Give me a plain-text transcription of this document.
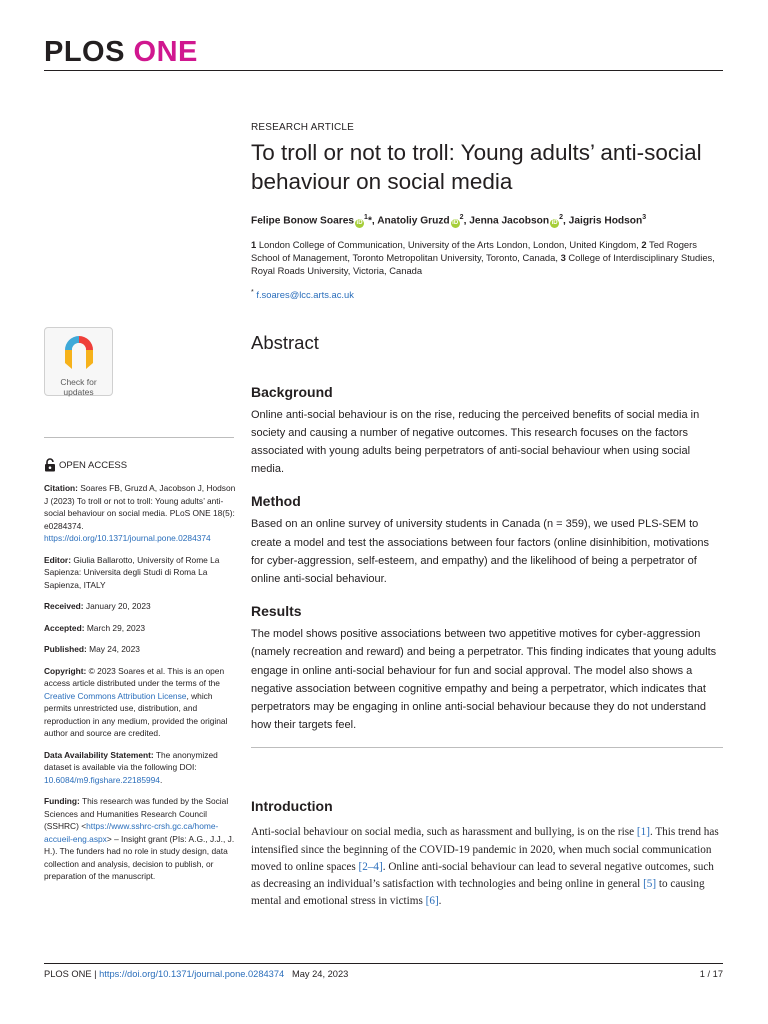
PLOS ONE
RESEARCH ARTICLE
To troll or not to troll: Young adults’ anti-social behaviour on social media
Felipe Bonow Soares $iD^1*$, Anatoliy Gruzd $iD^2$, Jenna Jacobson $iD^2$, Jaigris Hodson$^3$
1 London College of Communication, University of the Arts London, London, United Kingdom, 2 Ted Rogers School of Management, Toronto Metropolitan University, Toronto, Canada, 3 College of Interdisciplinary Studies, Royal Roads University, Victoria, Canada
* f.soares@lcc.arts.ac.uk
Abstract
Background
Online anti-social behaviour is on the rise, reducing the perceived benefits of social media in society and causing a number of negative outcomes. This research focuses on the factors associated with young adults being perpetrators of anti-social behaviour when using social media.
Method
Based on an online survey of university students in Canada (n = 359), we used PLS-SEM to create a model and test the associations between four factors (online disinhibition, motivations for cyber-aggression, self-esteem, and empathy) and the likelihood of being a perpetrator of online anti-social behaviour.
Results
The model shows positive associations between two appetitive motives for cyber-aggression (namely recreation and reward) and being a perpetrator. This finding indicates that young adults engage in online anti-social behaviour for fun and social approval. The model also shows a negative association between cognitive empathy and being a perpetrator, which indicates that perpetrators may be engaging in online anti-social behaviour because they do not understand how their targets feel.
Introduction
Anti-social behaviour on social media, such as harassment and bullying, is on the rise [1]. This trend has intensified since the beginning of the COVID-19 pandemic in 2020, when much social communication moved to online spaces [2–4]. Online anti-social behaviour can lead to several negative outcomes, such as decreasing an individual’s satisfaction with technologies and being online in general [5] to causing mental and emotional stress in victims [6].
Check for
updates
OPEN ACCESS

Citation: Soares FB, Gruzd A, Jacobson J, Hodson J (2023) To troll or not to troll: Young adults’ anti-social behaviour on social media. PLoS ONE 18(5): e0284374. https://doi.org/10.1371/journal.pone.0284374

Editor: Giulia Ballarotto, University of Rome La Sapienza: Universita degli Studi di Roma La Sapienza, ITALY

Received: January 20, 2023

Accepted: March 29, 2023

Published: May 24, 2023

Copyright: © 2023 Soares et al. This is an open access article distributed under the terms of the Creative Commons Attribution License, which permits unrestricted use, distribution, and reproduction in any medium, provided the original author and source are credited.

Data Availability Statement: The anonymized dataset is available via the following DOI: 10.6084/m9.figshare.22185994.

Funding: This research was funded by the Social Sciences and Humanities Research Council (SSHRC) <https://www.sshrc-crsh.gc.ca/home-accueil-eng.aspx> – Insight grant (PIs: A.G., J.J., J. H.). The funders had no role in study design, data collection and analysis, decision to publish, or preparation of the manuscript.

PLOS ONE | https://doi.org/10.1371/journal.pone.0284374 May 24, 2023	1 / 17
